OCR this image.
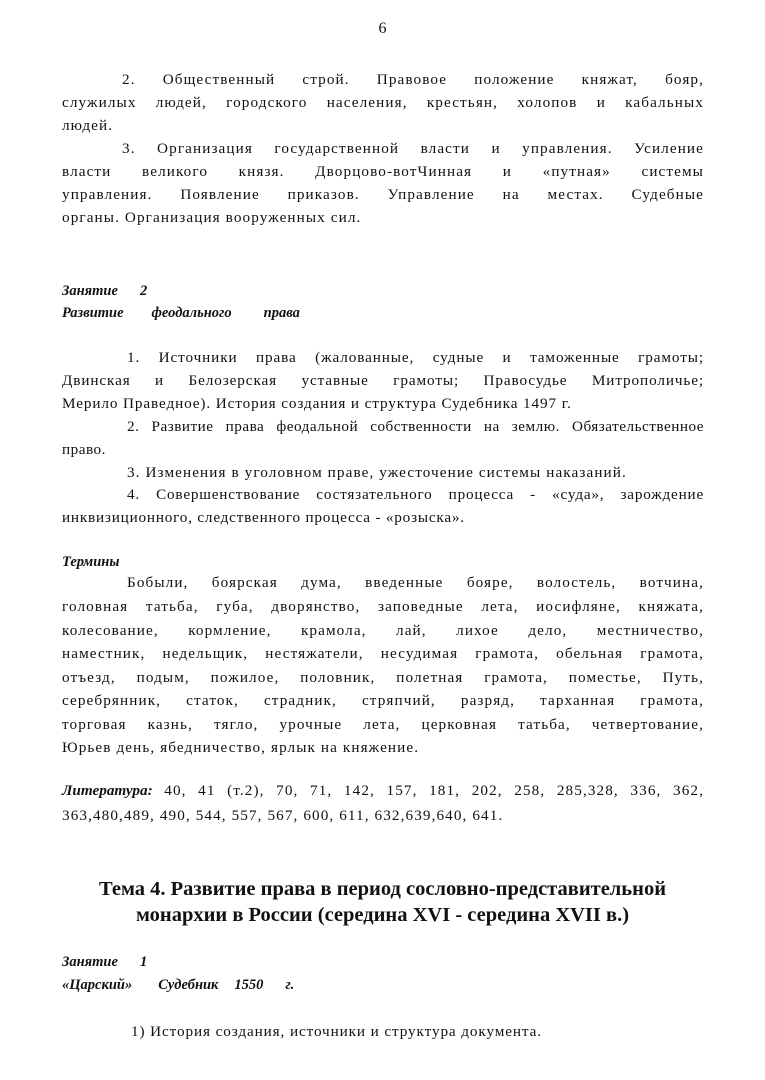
6
2. Общественный строй. Правовое положение княжат, бояр,
служилых людей, городского населения, крестьян, холопов и кабальных
людей.
3. Организация государственной власти и управления. Усиление
власти великого князя. Дворцово-вотЧинная и «путная» системы
управления. Появление приказов. Управление на местах. Судебные
органы. Организация вооруженных сил.
Занятие 2
Развитие феодального права
1. Источники права (жалованные, судные и таможенные грамоты;
Двинская и Белозерская уставные грамоты; Правосудье Митрополичье;
Мерило Праведное). История создания и структура Судебника 1497 г.
2. Развитие права феодальной собственности на землю. Обязательственное
право.
3. Изменения в уголовном праве, ужесточение системы наказаний.
4. Совершенствование состязательного процесса - «суда», зарождение
инквизиционного, следственного процесса - «розыска».
Термины
Бобыли, боярская дума, введенные бояре, волостель, вотчина,
головная татьба, губа, дворянство, заповедные лета, иосифляне, княжата,
колесование, кормление, крамола, лай, лихое дело, местничество,
наместник, недельщик, нестяжатели, несудимая грамота, обельная грамота,
отъезд, подым, пожилое, половник, полетная грамота, поместье, Путь,
серебрянник, статок, страдник, стряпчий, разряд, тарханная грамота,
торговая казнь, тягло, урочные лета, церковная татьба, четвертование,
Юрьев день, ябедничество, ярлык на княжение.
Литература: 40, 41 (т.2), 70, 71, 142, 157, 181, 202, 258, 285,328, 336, 362,
363,480,489, 490, 544, 557, 567, 600, 611, 632,639,640, 641.
Тема 4. Развитие права в период сословно-представительной
монархии в России (середина XVI - середина XVII в.)
Занятие 1
«Царский» Судебник 1550 г.
1) История создания, источники и структура документа.
